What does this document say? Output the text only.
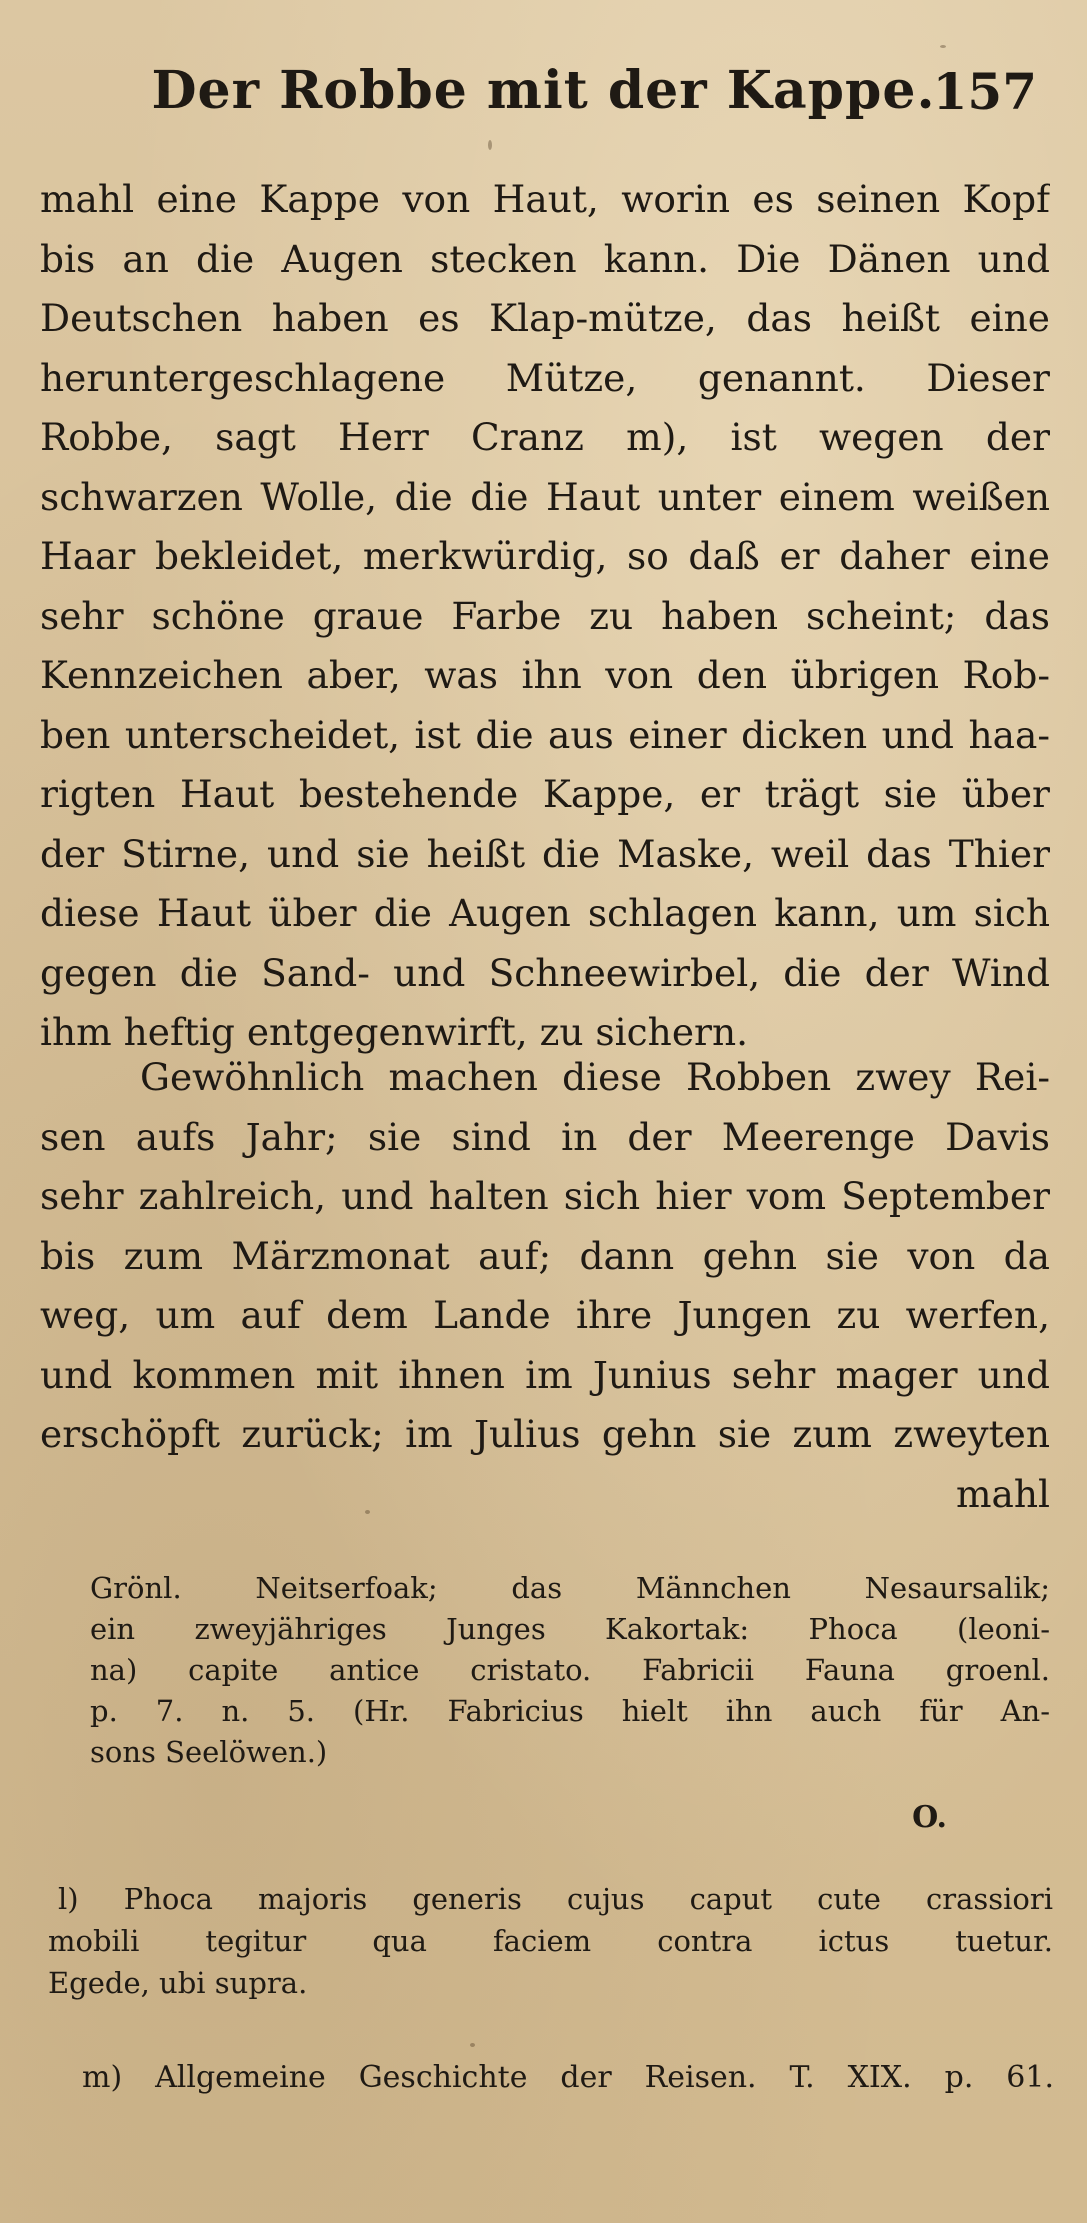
Der Robbe mit der Kappe.
157
mahl eine Kappe von Haut, worin es seinen Kopf
bis an die Augen stecken kann. Die Dänen und
Deutschen haben es Klap-mütze, das heißt eine
heruntergeschlagene Mütze, genannt. Dieser
Robbe, sagt Herr Cranz m), ist wegen der
schwarzen Wolle, die die Haut unter einem weißen
Haar bekleidet, merkwürdig, so daß er daher eine
sehr schöne graue Farbe zu haben scheint; das
Kennzeichen aber, was ihn von den übrigen Rob-
ben unterscheidet, ist die aus einer dicken und haa-
rigten Haut bestehende Kappe, er trägt sie über
der Stirne, und sie heißt die Maske, weil das Thier
diese Haut über die Augen schlagen kann, um sich
gegen die Sand- und Schneewirbel, die der Wind
ihm heftig entgegenwirft, zu sichern.
Gewöhnlich machen diese Robben zwey Rei-
sen aufs Jahr; sie sind in der Meerenge Davis
sehr zahlreich, und halten sich hier vom September
bis zum Märzmonat auf; dann gehn sie von da
weg, um auf dem Lande ihre Jungen zu werfen,
und kommen mit ihnen im Junius sehr mager und
erschöpft zurück; im Julius gehn sie zum zweyten
mahl
Grönl. Neitserfoak; das Männchen Nesaursalik;
ein zweyjähriges Junges Kakortak: Phoca (leoni-
na) capite antice cristato. Fabricii Fauna groenl.
p. 7. n. 5. (Hr. Fabricius hielt ihn auch für An-
sons Seelöwen.)
O.
l) Phoca majoris generis cujus caput cute crassiori
mobili tegitur qua faciem contra ictus tuetur.
Egede, ubi supra.
m) Allgemeine Geschichte der Reisen. T. XIX. p. 61.
